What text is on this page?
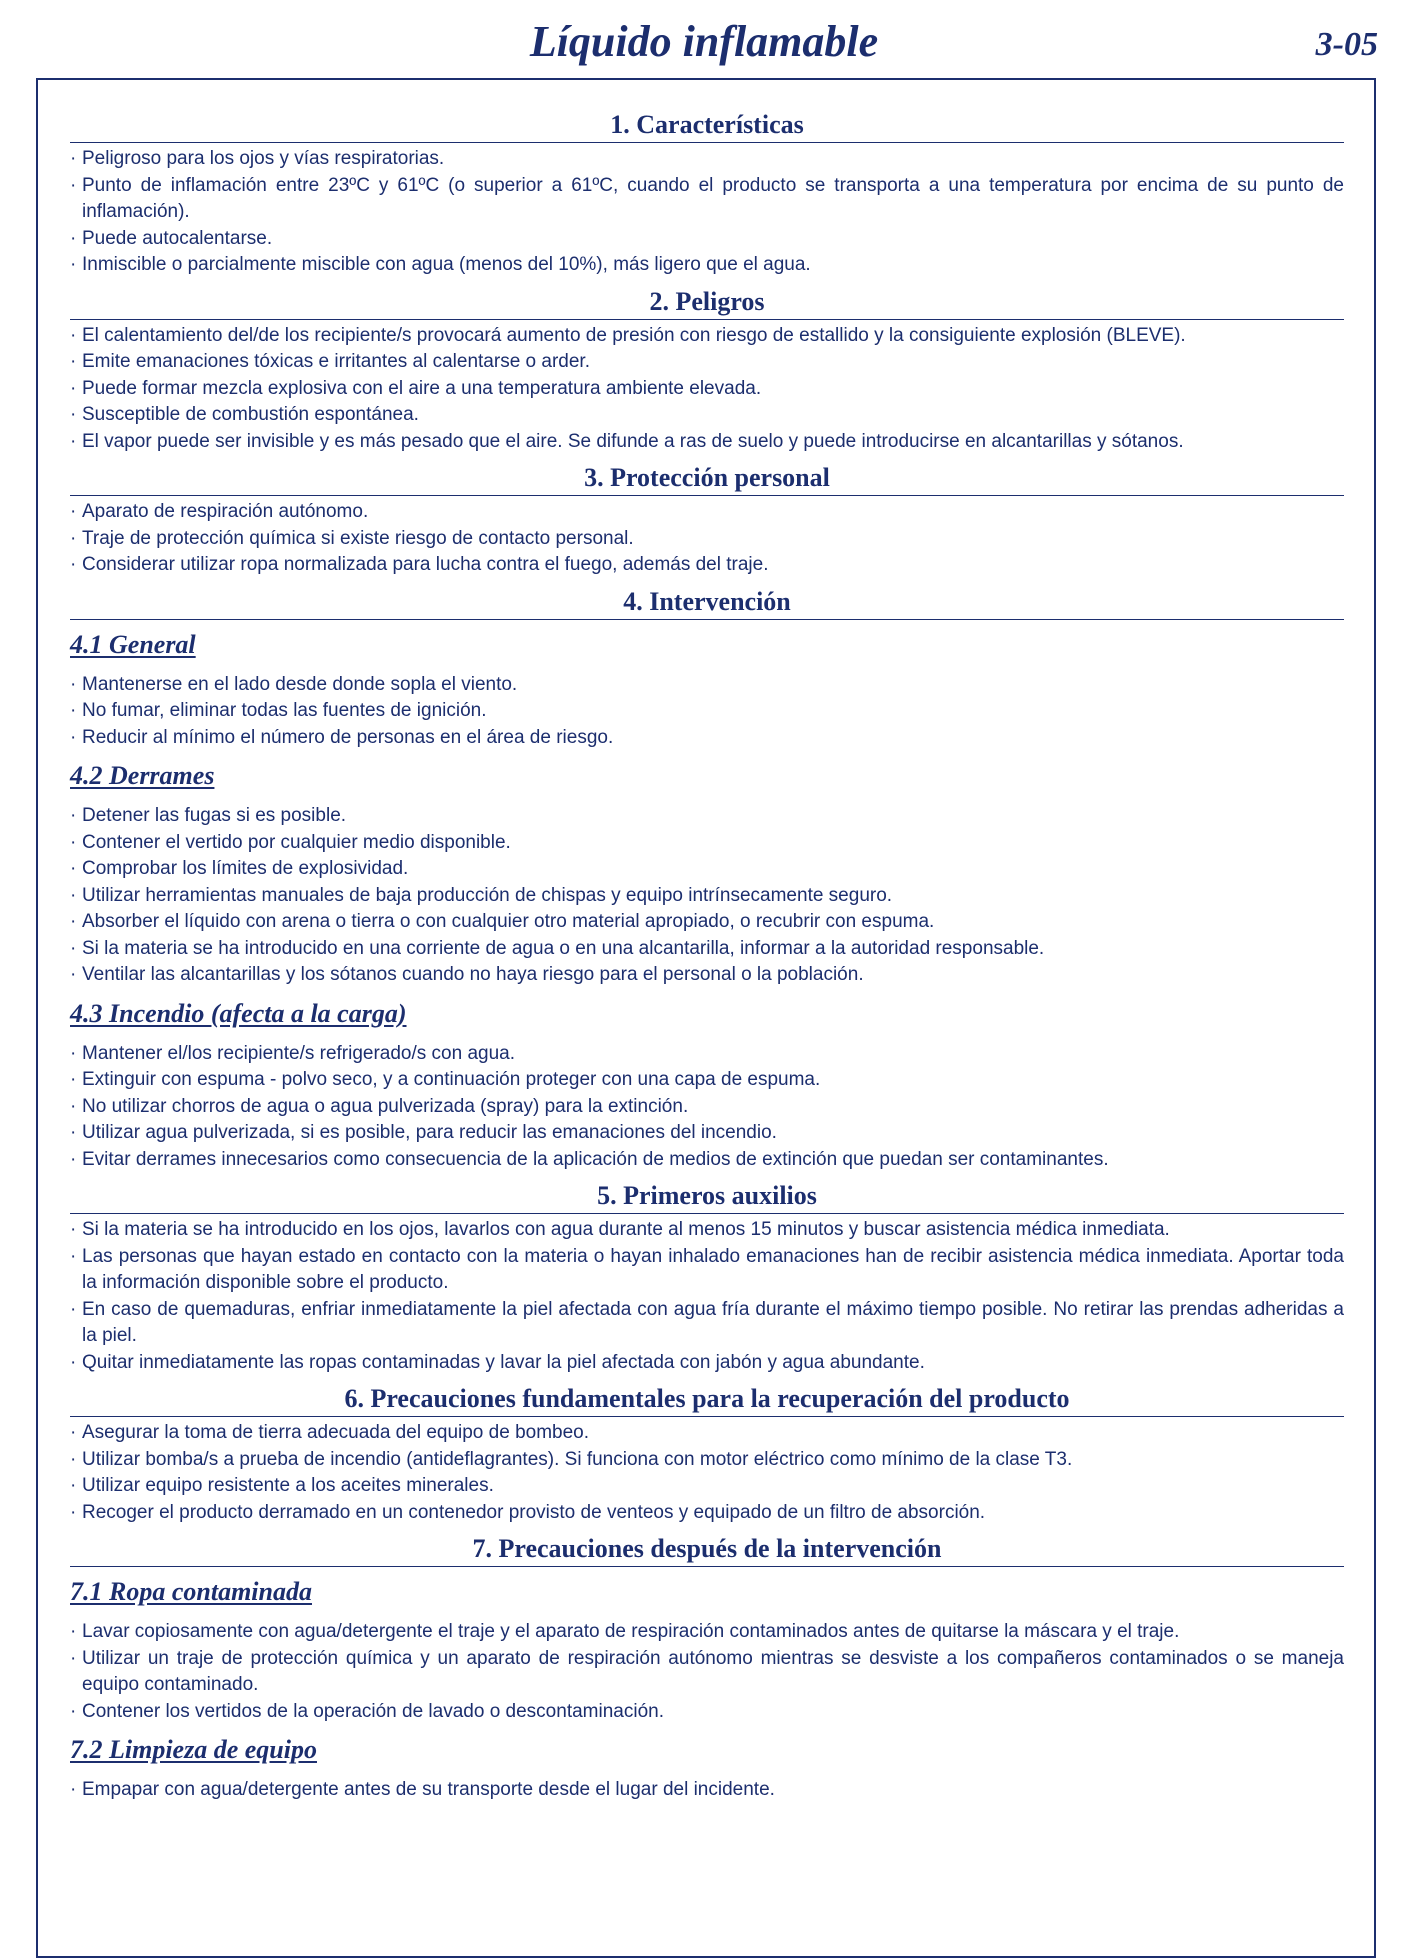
Líquido inflamable	3-05
1. Características
· Peligroso para los ojos y vías respiratorias.
· Punto de inflamación entre 23ºC y 61ºC (o superior a 61ºC, cuando el producto se transporta a una temperatura por encima de su punto de inflamación).
· Puede autocalentarse.
· Inmiscible o parcialmente miscible con agua (menos del 10%), más ligero que el agua.
2. Peligros
· El calentamiento del/de los recipiente/s provocará aumento de presión con riesgo de estallido y la consiguiente explosión (BLEVE).
· Emite emanaciones tóxicas e irritantes al calentarse o arder.
· Puede formar mezcla explosiva con el aire a una temperatura ambiente elevada.
· Susceptible de combustión espontánea.
· El vapor puede ser invisible y es más pesado que el aire. Se difunde a ras de suelo y puede introducirse en alcantarillas y sótanos.
3. Protección personal
· Aparato de respiración autónomo.
· Traje de protección química si existe riesgo de contacto personal.
· Considerar utilizar ropa normalizada para lucha contra el fuego, además del traje.
4. Intervención
4.1 General
· Mantenerse en el lado desde donde sopla el viento.
· No fumar, eliminar todas las fuentes de ignición.
· Reducir al mínimo el número de personas en el área de riesgo.
4.2 Derrames
· Detener las fugas si es posible.
· Contener el vertido por cualquier medio disponible.
· Comprobar los límites de explosividad.
· Utilizar herramientas manuales de baja producción de chispas y equipo intrínsecamente seguro.
· Absorber el líquido con arena o tierra o con cualquier otro material apropiado, o recubrir con espuma.
· Si la materia se ha introducido en una corriente de agua o en una alcantarilla, informar a la autoridad responsable.
· Ventilar las alcantarillas y los sótanos cuando no haya riesgo para el personal o la población.
4.3 Incendio (afecta a la carga)
· Mantener el/los recipiente/s refrigerado/s con agua.
· Extinguir con espuma - polvo seco, y a continuación proteger con una capa de espuma.
· No utilizar chorros de agua o agua pulverizada (spray) para la extinción.
· Utilizar agua pulverizada, si es posible, para reducir las emanaciones del incendio.
· Evitar derrames innecesarios como consecuencia de la aplicación de medios de extinción que puedan ser contaminantes.
5. Primeros auxilios
· Si la materia se ha introducido en los ojos, lavarlos con agua durante al menos 15 minutos y buscar asistencia médica inmediata.
· Las personas que hayan estado en contacto con la materia o hayan inhalado emanaciones han de recibir asistencia médica inmediata. Aportar toda la información disponible sobre el producto.
· En caso de quemaduras, enfriar inmediatamente la piel afectada con agua fría durante el máximo tiempo posible. No retirar las prendas adheridas a la piel.
· Quitar inmediatamente las ropas contaminadas y lavar la piel afectada con jabón y agua abundante.
6. Precauciones fundamentales para la recuperación del producto
· Asegurar la toma de tierra adecuada del equipo de bombeo.
· Utilizar bomba/s a prueba de incendio (antideflagrantes). Si funciona con motor eléctrico como mínimo de la clase T3.
· Utilizar equipo resistente a los aceites minerales.
· Recoger el producto derramado en un contenedor provisto de venteos y equipado de un filtro de absorción.
7. Precauciones después de la intervención
7.1 Ropa contaminada
· Lavar copiosamente con agua/detergente el traje y el aparato de respiración contaminados antes de quitarse la máscara y el traje.
· Utilizar un traje de protección química y un aparato de respiración autónomo mientras se desviste a los compañeros contaminados o se maneja equipo contaminado.
· Contener los vertidos de la operación de lavado o descontaminación.
7.2 Limpieza de equipo
· Empapar con agua/detergente antes de su transporte desde el lugar del incidente.
